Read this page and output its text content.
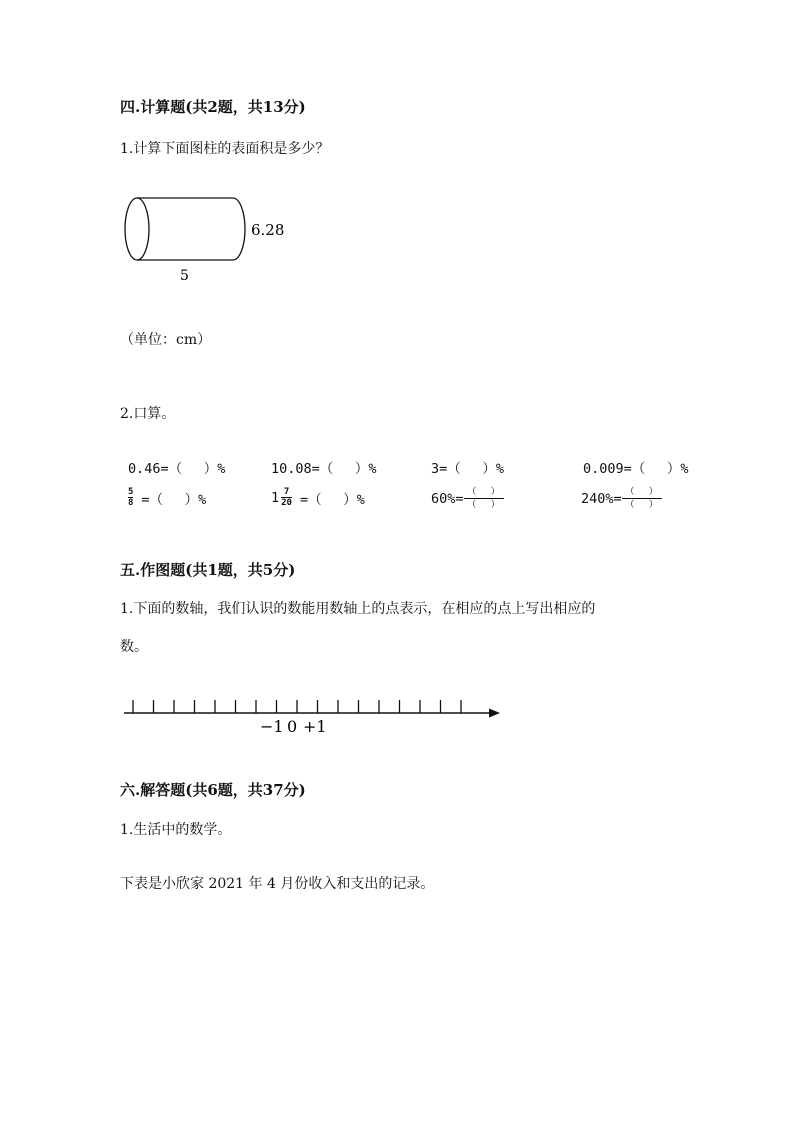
四.计算题(共2题，共13分)
1.计算下面图柱的表面积是多少？
6.28
5
（单位：cm）
2.口算。
0.46=（　 ）%	10.08=（　 ）%	3=（　 ）%	0.009=（　 ）%
$\frac{5}{8}$ =（　 ）%	$1 \frac{7}{20}$ =（　 ）%	$60\%= \frac{( )}{( )}$	$240\%= \frac{( )}{( )}$
五.作图题(共1题，共5分)
1.下面的数轴，我们认识的数能用数轴上的点表示，在相应的点上写出相应的
数。
−1 0 +1
六.解答题(共6题，共37分)
1.生活中的数学。
下表是小欣家 2021 年 4 月份收入和支出的记录。
